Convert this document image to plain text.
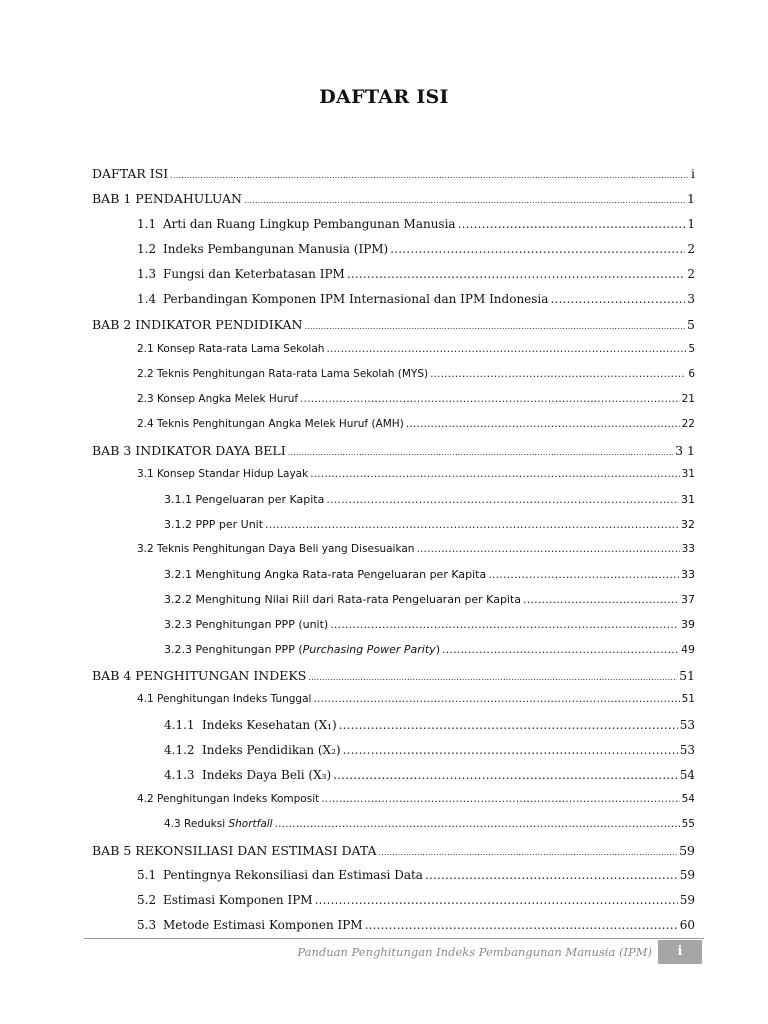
DAFTAR ISI
DAFTAR ISI .....	i
BAB 1 PENDAHULUAN .....	1
1.1 Arti dan Ruang Lingkup Pembangunan Manusia .....	1
1.2 Indeks Pembangunan Manusia (IPM) .....	2
1.3 Fungsi dan Keterbatasan IPM .....	2
1.4 Perbandingan Komponen IPM Internasional dan IPM Indonesia .....	3
BAB 2 INDIKATOR PENDIDIKAN .....	5
2.1 Konsep Rata-rata Lama Sekolah .....	5
2.2 Teknis Penghitungan Rata-rata Lama Sekolah (MYS) .....	6
2.3 Konsep Angka Melek Huruf .....	21
2.4 Teknis Penghitungan Angka Melek Huruf (AMH) .....	22
BAB 3 INDIKATOR DAYA BELI .....	3 1
3.1 Konsep Standar Hidup Layak .....	31
3.1.1 Pengeluaran per Kapita .....	31
3.1.2 PPP per Unit .....	32
3.2 Teknis Penghitungan Daya Beli yang Disesuaikan .....	33
3.2.1 Menghitung Angka Rata-rata Pengeluaran per Kapita .....	33
3.2.2 Menghitung Nilai Riil dari Rata-rata Pengeluaran per Kapita .....	37
3.2.3 Penghitungan PPP (unit) .....	39
3.2.3 Penghitungan PPP (Purchasing Power Parity) .....	49
BAB 4 PENGHITUNGAN INDEKS .....	51
4.1 Penghitungan Indeks Tunggal .....	51
4.1.1 Indeks Kesehatan (X₁) .....	53
4.1.2 Indeks Pendidikan (X₂) .....	53
4.1.3 Indeks Daya Beli (X₃) .....	54
4.2 Penghitungan Indeks Komposit .....	54
4.3 Reduksi Shortfall .....	55
BAB 5 REKONSILIASI DAN ESTIMASI DATA .....	59
5.1 Pentingnya Rekonsiliasi dan Estimasi Data .....	59
5.2 Estimasi Komponen IPM .....	59
5.3 Metode Estimasi Komponen IPM .....	60
Panduan Penghitungan Indeks Pembangunan Manusia (IPM)	i
